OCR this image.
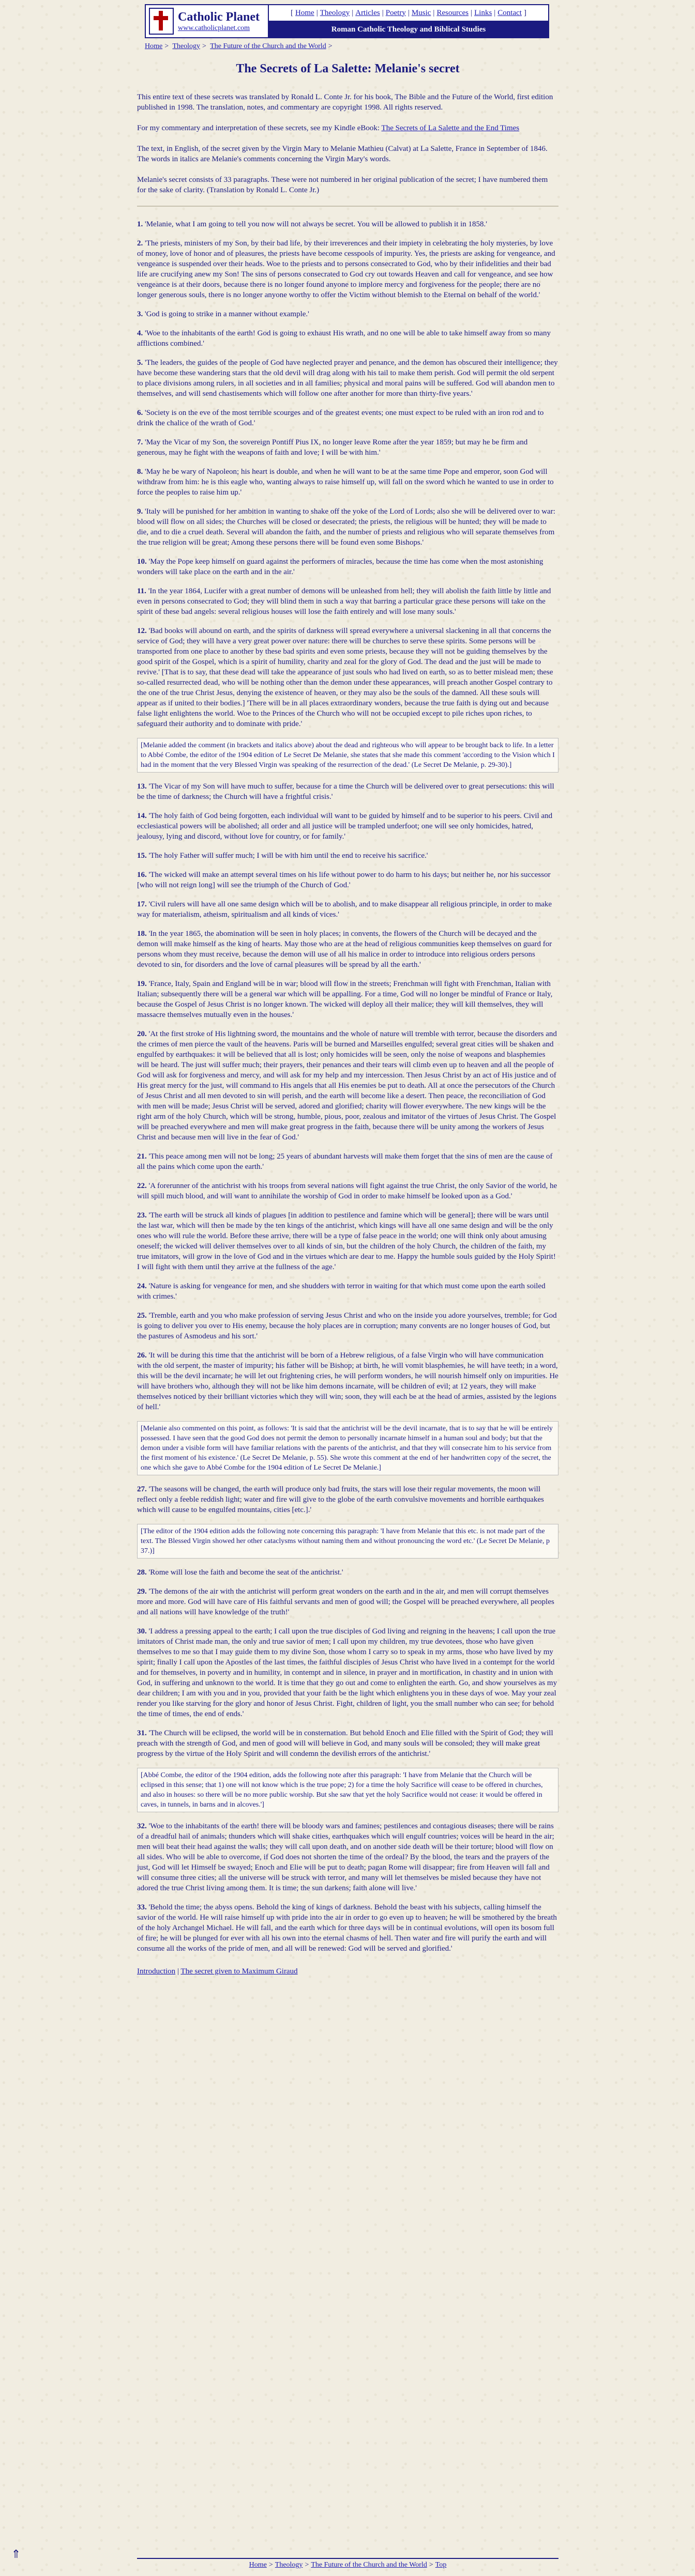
Catholic Planet
www.catholicplanet.com
[ Home | Theology | Articles | Poetry | Music | Resources | Links | Contact ]
Roman Catholic Theology and Biblical Studies
Home > Theology > The Future of the Church and the World >
The Secrets of La Salette: Melanie's secret

This entire text of these secrets was translated by Ronald L. Conte Jr. for his book, The Bible and the Future of the World, first edition published in 1998. The translation, notes, and commentary are copyright 1998. All rights reserved.

For my commentary and interpretation of these secrets, see my Kindle eBook: The Secrets of La Salette and the End Times

The text, in English, of the secret given by the Virgin Mary to Melanie Mathieu (Calvat) at La Salette, France in September of 1846. The words in italics are Melanie's comments concerning the Virgin Mary's words.

Melanie's secret consists of 33 paragraphs. These were not numbered in her original publication of the secret; I have numbered them for the sake of clarity. (Translation by Ronald L. Conte Jr.)

1. 'Melanie, what I am going to tell you now will not always be secret. You will be allowed to publish it in 1858.'
2. 'The priests, ministers of my Son, by their bad life, by their irreverences and their impiety in celebrating the holy mysteries, by love of money, love of honor and of pleasures, the priests have become cesspools of impurity. Yes, the priests are asking for vengeance, and vengeance is suspended over their heads. Woe to the priests and to persons consecrated to God, who by their infidelities and their bad life are crucifying anew my Son! The sins of persons consecrated to God cry out towards Heaven and call for vengeance, and see how vengeance is at their doors, because there is no longer found anyone to implore mercy and forgiveness for the people; there are no longer generous souls, there is no longer anyone worthy to offer the Victim without blemish to the Eternal on behalf of the world.'
3. 'God is going to strike in a manner without example.'
4. 'Woe to the inhabitants of the earth! God is going to exhaust His wrath, and no one will be able to take himself away from so many afflictions combined.'
5. 'The leaders, the guides of the people of God have neglected prayer and penance, and the demon has obscured their intelligence; they have become these wandering stars that the old devil will drag along with his tail to make them perish. God will permit the old serpent to place divisions among rulers, in all societies and in all families; physical and moral pains will be suffered. God will abandon men to themselves, and will send chastisements which will follow one after another for more than thirty-five years.'
6. 'Society is on the eve of the most terrible scourges and of the greatest events; one must expect to be ruled with an iron rod and to drink the chalice of the wrath of God.'
7. 'May the Vicar of my Son, the sovereign Pontiff Pius IX, no longer leave Rome after the year 1859; but may he be firm and generous, may he fight with the weapons of faith and love; I will be with him.'
8. 'May he be wary of Napoleon; his heart is double, and when he will want to be at the same time Pope and emperor, soon God will withdraw from him: he is this eagle who, wanting always to raise himself up, will fall on the sword which he wanted to use in order to force the peoples to raise him up.'
9. 'Italy will be punished for her ambition in wanting to shake off the yoke of the Lord of Lords; also she will be delivered over to war: blood will flow on all sides; the Churches will be closed or desecrated; the priests, the religious will be hunted; they will be made to die, and to die a cruel death. Several will abandon the faith, and the number of priests and religious who will separate themselves from the true religion will be great; Among these persons there will be found even some Bishops.'
10. 'May the Pope keep himself on guard against the performers of miracles, because the time has come when the most astonishing wonders will take place on the earth and in the air.'
11. 'In the year 1864, Lucifer with a great number of demons will be unleashed from hell; they will abolish the faith little by little and even in persons consecrated to God; they will blind them in such a way that barring a particular grace these persons will take on the spirit of these bad angels: several religious houses will lose the faith entirely and will lose many souls.'
12. 'Bad books will abound on earth, and the spirits of darkness will spread everywhere a universal slackening in all that concerns the service of God; they will have a very great power over nature: there will be churches to serve these spirits. Some persons will be transported from one place to another by these bad spirits and even some priests, because they will not be guiding themselves by the good spirit of the Gospel, which is a spirit of humility, charity and zeal for the glory of God. The dead and the just will be made to revive.' [That is to say, that these dead will take the appearance of just souls who had lived on earth, so as to better mislead men; these so-called resurrected dead, who will be nothing other than the demon under these appearances, will preach another Gospel contrary to the one of the true Christ Jesus, denying the existence of heaven, or they may also be the souls of the damned. All these souls will appear as if united to their bodies.] 'There will be in all places extraordinary wonders, because the true faith is dying out and because false light enlightens the world. Woe to the Princes of the Church who will not be occupied except to pile riches upon riches, to safeguard their authority and to dominate with pride.'
[Melanie added the comment (in brackets and italics above) about the dead and righteous who will appear to be brought back to life. In a letter to Abbé Combe, the editor of the 1904 edition of Le Secret De Melanie, she states that she made this comment 'according to the Vision which I had in the moment that the very Blessed Virgin was speaking of the resurrection of the dead.' (Le Secret De Melanie, p. 29-30).]
13. 'The Vicar of my Son will have much to suffer, because for a time the Church will be delivered over to great persecutions: this will be the time of darkness; the Church will have a frightful crisis.'
14. 'The holy faith of God being forgotten, each individual will want to be guided by himself and to be superior to his peers. Civil and ecclesiastical powers will be abolished; all order and all justice will be trampled underfoot; one will see only homicides, hatred, jealousy, lying and discord, without love for country, or for family.'
15. 'The holy Father will suffer much; I will be with him until the end to receive his sacrifice.'
16. 'The wicked will make an attempt several times on his life without power to do harm to his days; but neither he, nor his successor [who will not reign long] will see the triumph of the Church of God.'
17. 'Civil rulers will have all one same design which will be to abolish, and to make disappear all religious principle, in order to make way for materialism, atheism, spiritualism and all kinds of vices.'
18. 'In the year 1865, the abomination will be seen in holy places; in convents, the flowers of the Church will be decayed and the demon will make himself as the king of hearts. May those who are at the head of religious communities keep themselves on guard for persons whom they must receive, because the demon will use of all his malice in order to introduce into religious orders persons devoted to sin, for disorders and the love of carnal pleasures will be spread by all the earth.'
19. 'France, Italy, Spain and England will be in war; blood will flow in the streets; Frenchman will fight with Frenchman, Italian with Italian; subsequently there will be a general war which will be appalling. For a time, God will no longer be mindful of France or Italy, because the Gospel of Jesus Christ is no longer known. The wicked will deploy all their malice; they will kill themselves, they will massacre themselves mutually even in the houses.'
20. 'At the first stroke of His lightning sword, the mountains and the whole of nature will tremble with terror, because the disorders and the crimes of men pierce the vault of the heavens. Paris will be burned and Marseilles engulfed; several great cities will be shaken and engulfed by earthquakes: it will be believed that all is lost; only homicides will be seen, only the noise of weapons and blasphemies will be heard. The just will suffer much; their prayers, their penances and their tears will climb even up to heaven and all the people of God will ask for forgiveness and mercy, and will ask for my help and my intercession. Then Jesus Christ by an act of His justice and of His great mercy for the just, will command to His angels that all His enemies be put to death. All at once the persecutors of the Church of Jesus Christ and all men devoted to sin will perish, and the earth will become like a desert. Then peace, the reconciliation of God with men will be made; Jesus Christ will be served, adored and glorified; charity will flower everywhere. The new kings will be the right arm of the holy Church, which will be strong, humble, pious, poor, zealous and imitator of the virtues of Jesus Christ. The Gospel will be preached everywhere and men will make great progress in the faith, because there will be unity among the workers of Jesus Christ and because men will live in the fear of God.'
21. 'This peace among men will not be long; 25 years of abundant harvests will make them forget that the sins of men are the cause of all the pains which come upon the earth.'
22. 'A forerunner of the antichrist with his troops from several nations will fight against the true Christ, the only Savior of the world, he will spill much blood, and will want to annihilate the worship of God in order to make himself be looked upon as a God.'
23. 'The earth will be struck all kinds of plagues [in addition to pestilence and famine which will be general]; there will be wars until the last war, which will then be made by the ten kings of the antichrist, which kings will have all one same design and will be the only ones who will rule the world. Before these arrive, there will be a type of false peace in the world; one will think only about amusing oneself; the wicked will deliver themselves over to all kinds of sin, but the children of the holy Church, the children of the faith, my true imitators, will grow in the love of God and in the virtues which are dear to me. Happy the humble souls guided by the Holy Spirit! I will fight with them until they arrive at the fullness of the age.'
24. 'Nature is asking for vengeance for men, and she shudders with terror in waiting for that which must come upon the earth soiled with crimes.'
25. 'Tremble, earth and you who make profession of serving Jesus Christ and who on the inside you adore yourselves, tremble; for God is going to deliver you over to His enemy, because the holy places are in corruption; many convents are no longer houses of God, but the pastures of Asmodeus and his sort.'
26. 'It will be during this time that the antichrist will be born of a Hebrew religious, of a false Virgin who will have communication with the old serpent, the master of impurity; his father will be Bishop; at birth, he will vomit blasphemies, he will have teeth; in a word, this will be the devil incarnate; he will let out frightening cries, he will perform wonders, he will nourish himself only on impurities. He will have brothers who, although they will not be like him demons incarnate, will be children of evil; at 12 years, they will make themselves noticed by their brilliant victories which they will win; soon, they will each be at the head of armies, assisted by the legions of hell.'
[Melanie also commented on this point, as follows: 'It is said that the antichrist will be the devil incarnate, that is to say that he will be entirely possessed. I have seen that the good God does not permit the demon to personally incarnate himself in a human soul and body; but that the demon under a visible form will have familiar relations with the parents of the antichrist, and that they will consecrate him to his service from the first moment of his existence.' (Le Secret De Melanie, p. 55). She wrote this comment at the end of her handwritten copy of the secret, the one which she gave to Abbé Combe for the 1904 edition of Le Secret De Melanie.]
27. 'The seasons will be changed, the earth will produce only bad fruits, the stars will lose their regular movements, the moon will reflect only a feeble reddish light; water and fire will give to the globe of the earth convulsive movements and horrible earthquakes which will cause to be engulfed mountains, cities [etc.].'
[The editor of the 1904 edition adds the following note concerning this paragraph: 'I have from Melanie that this etc. is not made part of the text. The Blessed Virgin showed her other cataclysms without naming them and without pronouncing the word etc.' (Le Secret De Melanie, p 37.)]
28. 'Rome will lose the faith and become the seat of the antichrist.'
29. 'The demons of the air with the antichrist will perform great wonders on the earth and in the air, and men will corrupt themselves more and more. God will have care of His faithful servants and men of good will; the Gospel will be preached everywhere, all peoples and all nations will have knowledge of the truth!'
30. 'I address a pressing appeal to the earth; I call upon the true disciples of God living and reigning in the heavens; I call upon the true imitators of Christ made man, the only and true savior of men; I call upon my children, my true devotees, those who have given themselves to me so that I may guide them to my divine Son, those whom I carry so to speak in my arms, those who have lived by my spirit; finally I call upon the Apostles of the last times, the faithful disciples of Jesus Christ who have lived in a contempt for the world and for themselves, in poverty and in humility, in contempt and in silence, in prayer and in mortification, in chastity and in union with God, in suffering and unknown to the world. It is time that they go out and come to enlighten the earth. Go, and show yourselves as my dear children; I am with you and in you, provided that your faith be the light which enlightens you in these days of woe. May your zeal render you like starving for the glory and honor of Jesus Christ. Fight, children of light, you the small number who can see; for behold the time of times, the end of ends.'
31. 'The Church will be eclipsed, the world will be in consternation. But behold Enoch and Elie filled with the Spirit of God; they will preach with the strength of God, and men of good will will believe in God, and many souls will be consoled; they will make great progress by the virtue of the Holy Spirit and will condemn the devilish errors of the antichrist.'
[Abbé Combe, the editor of the 1904 edition, adds the following note after this paragraph: 'I have from Melanie that the Church will be eclipsed in this sense; that 1) one will not know which is the true pope; 2) for a time the holy Sacrifice will cease to be offered in churches, and also in houses: so there will be no more public worship. But she saw that yet the holy Sacrifice would not cease: it would be offered in caves, in tunnels, in barns and in alcoves.']
32. 'Woe to the inhabitants of the earth! there will be bloody wars and famines; pestilences and contagious diseases; there will be rains of a dreadful hail of animals; thunders which will shake cities, earthquakes which will engulf countries; voices will be heard in the air; men will beat their head against the walls; they will call upon death, and on another side death will be their torture; blood will flow on all sides. Who will be able to overcome, if God does not shorten the time of the ordeal? By the blood, the tears and the prayers of the just, God will let Himself be swayed; Enoch and Elie will be put to death; pagan Rome will disappear; fire from Heaven will fall and will consume three cities; all the universe will be struck with terror, and many will let themselves be misled because they have not adored the true Christ living among them. It is time; the sun darkens; faith alone will live.'
33. 'Behold the time; the abyss opens. Behold the king of kings of darkness. Behold the beast with his subjects, calling himself the savior of the world. He will raise himself up with pride into the air in order to go even up to heaven; he will be smothered by the breath of the holy Archangel Michael. He will fall, and the earth which for three days will be in continual evolutions, will open its bosom full of fire; he will be plunged for ever with all his own into the eternal chasms of hell. Then water and fire will purify the earth and will consume all the works of the pride of men, and all will be renewed: God will be served and glorified.'
Introduction | The secret given to Maximum Giraud
⇑
Home > Theology > The Future of the Church and the World > Top
